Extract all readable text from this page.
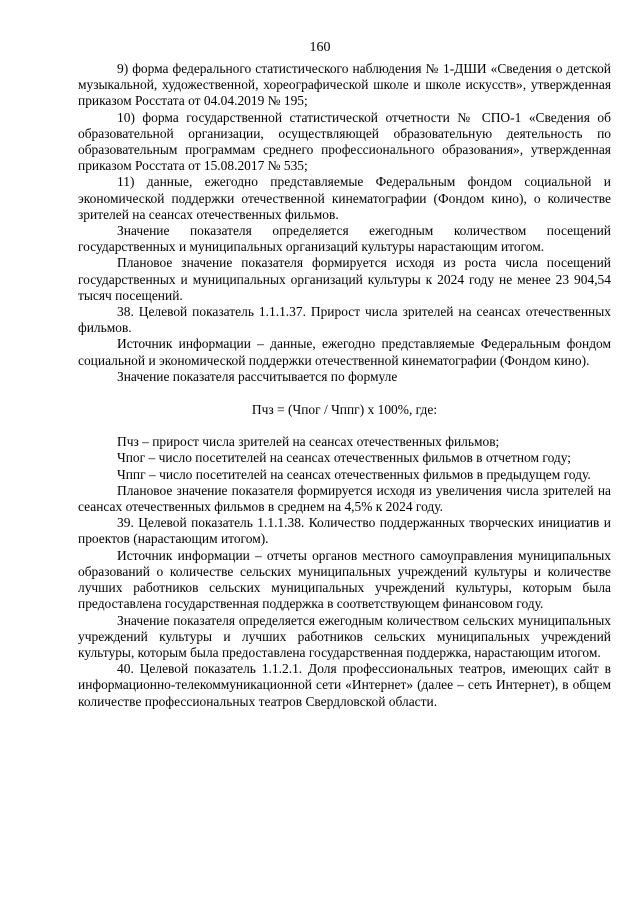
160

9) форма федерального статистического наблюдения № 1-ДШИ «Сведения о детской музыкальной, художественной, хореографической школе и школе искусств», утвержденная приказом Росстата от 04.04.2019 № 195;

10) форма государственной статистической отчетности № СПО-1 «Сведения об образовательной организации, осуществляющей образовательную деятельность по образовательным программам среднего профессионального образования», утвержденная приказом Росстата от 15.08.2017 № 535;

11) данные, ежегодно представляемые Федеральным фондом социальной и экономической поддержки отечественной кинематографии (Фондом кино), о количестве зрителей на сеансах отечественных фильмов.

Значение показателя определяется ежегодным количеством посещений государственных и муниципальных организаций культуры нарастающим итогом.

Плановое значение показателя формируется исходя из роста числа посещений государственных и муниципальных организаций культуры к 2024 году не менее 23 904,54 тысяч посещений.

38. Целевой показатель 1.1.1.37. Прирост числа зрителей на сеансах отечественных фильмов.

Источник информации – данные, ежегодно представляемые Федеральным фондом социальной и экономической поддержки отечественной кинематографии (Фондом кино).

Значение показателя рассчитывается по формуле

Пчз = (Чпог / Чппг) x 100%, где:

Пчз – прирост числа зрителей на сеансах отечественных фильмов;

Чпог – число посетителей на сеансах отечественных фильмов в отчетном году;

Чппг – число посетителей на сеансах отечественных фильмов в предыдущем году.

Плановое значение показателя формируется исходя из увеличения числа зрителей на сеансах отечественных фильмов в среднем на 4,5% к 2024 году.

39. Целевой показатель 1.1.1.38. Количество поддержанных творческих инициатив и проектов (нарастающим итогом).

Источник информации – отчеты органов местного самоуправления муниципальных образований о количестве сельских муниципальных учреждений культуры и количестве лучших работников сельских муниципальных учреждений культуры, которым была предоставлена государственная поддержка в соответствующем финансовом году.

Значение показателя определяется ежегодным количеством сельских муниципальных учреждений культуры и лучших работников сельских муниципальных учреждений культуры, которым была предоставлена государственная поддержка, нарастающим итогом.

40. Целевой показатель 1.1.2.1. Доля профессиональных театров, имеющих сайт в информационно-телекоммуникационной сети «Интернет» (далее – сеть Интернет), в общем количестве профессиональных театров Свердловской области.
